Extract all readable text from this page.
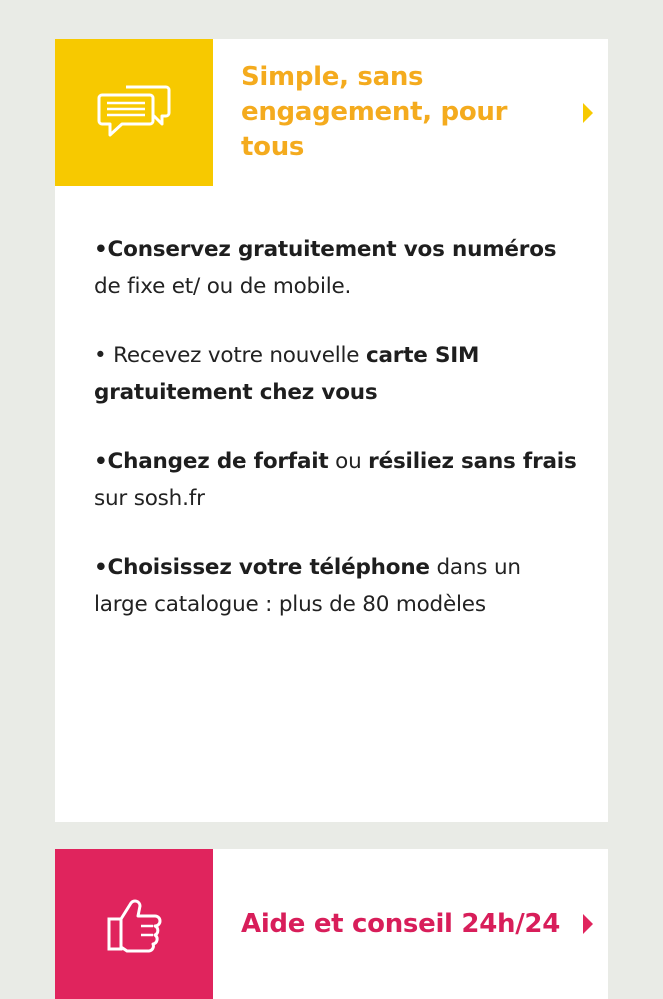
Simple, sans
engagement, pour tous

•Conservez gratuitement vos numéros de fixe et/ ou de mobile.

• Recevez votre nouvelle carte SIM gratuitement chez vous

•Changez de forfait ou résiliez sans frais sur sosh.fr

•Choisissez votre téléphone dans un large catalogue : plus de 80 modèles

Aide et conseil 24h/24
